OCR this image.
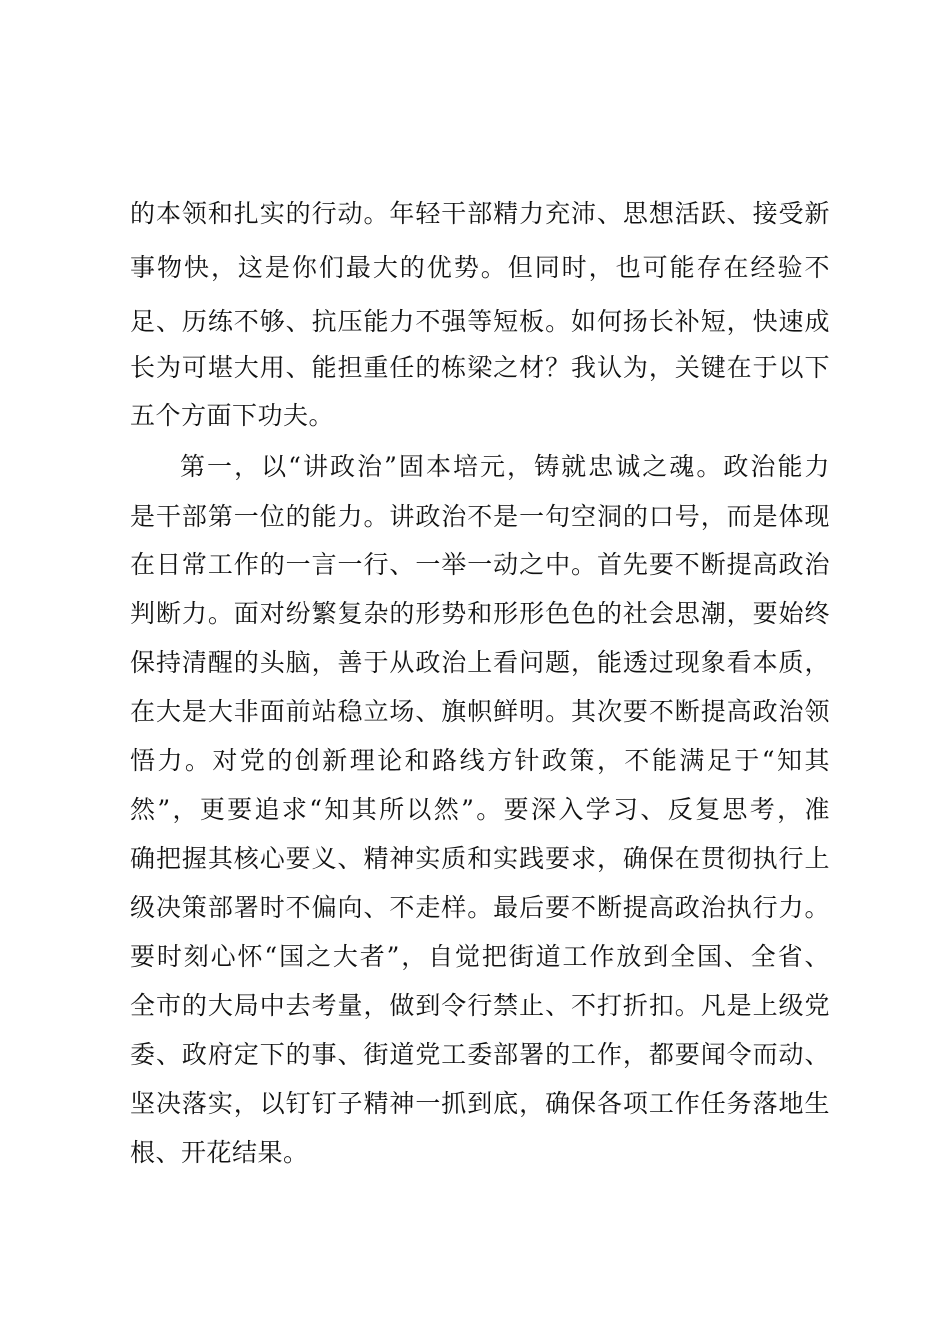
的本领和扎实的行动。年轻干部精力充沛、思想活跃、接受新
事物快，这是你们最大的优势。但同时，也可能存在经验不
足、历练不够、抗压能力不强等短板。如何扬长补短，快速成
长为可堪大用、能担重任的栋梁之材？我认为，关键在于以下
五个方面下功夫。
第一，以“讲政治”固本培元，铸就忠诚之魂。政治能力
是干部第一位的能力。讲政治不是一句空洞的口号，而是体现
在日常工作的一言一行、一举一动之中。首先要不断提高政治
判断力。面对纷繁复杂的形势和形形色色的社会思潮，要始终
保持清醒的头脑，善于从政治上看问题，能透过现象看本质，
在大是大非面前站稳立场、旗帜鲜明。其次要不断提高政治领
悟力。对党的创新理论和路线方针政策，不能满足于“知其
然”，更要追求“知其所以然”。要深入学习、反复思考，准
确把握其核心要义、精神实质和实践要求，确保在贯彻执行上
级决策部署时不偏向、不走样。最后要不断提高政治执行力。
要时刻心怀“国之大者”，自觉把街道工作放到全国、全省、
全市的大局中去考量，做到令行禁止、不打折扣。凡是上级党
委、政府定下的事、街道党工委部署的工作，都要闻令而动、
坚决落实，以钉钉子精神一抓到底，确保各项工作任务落地生
根、开花结果。
